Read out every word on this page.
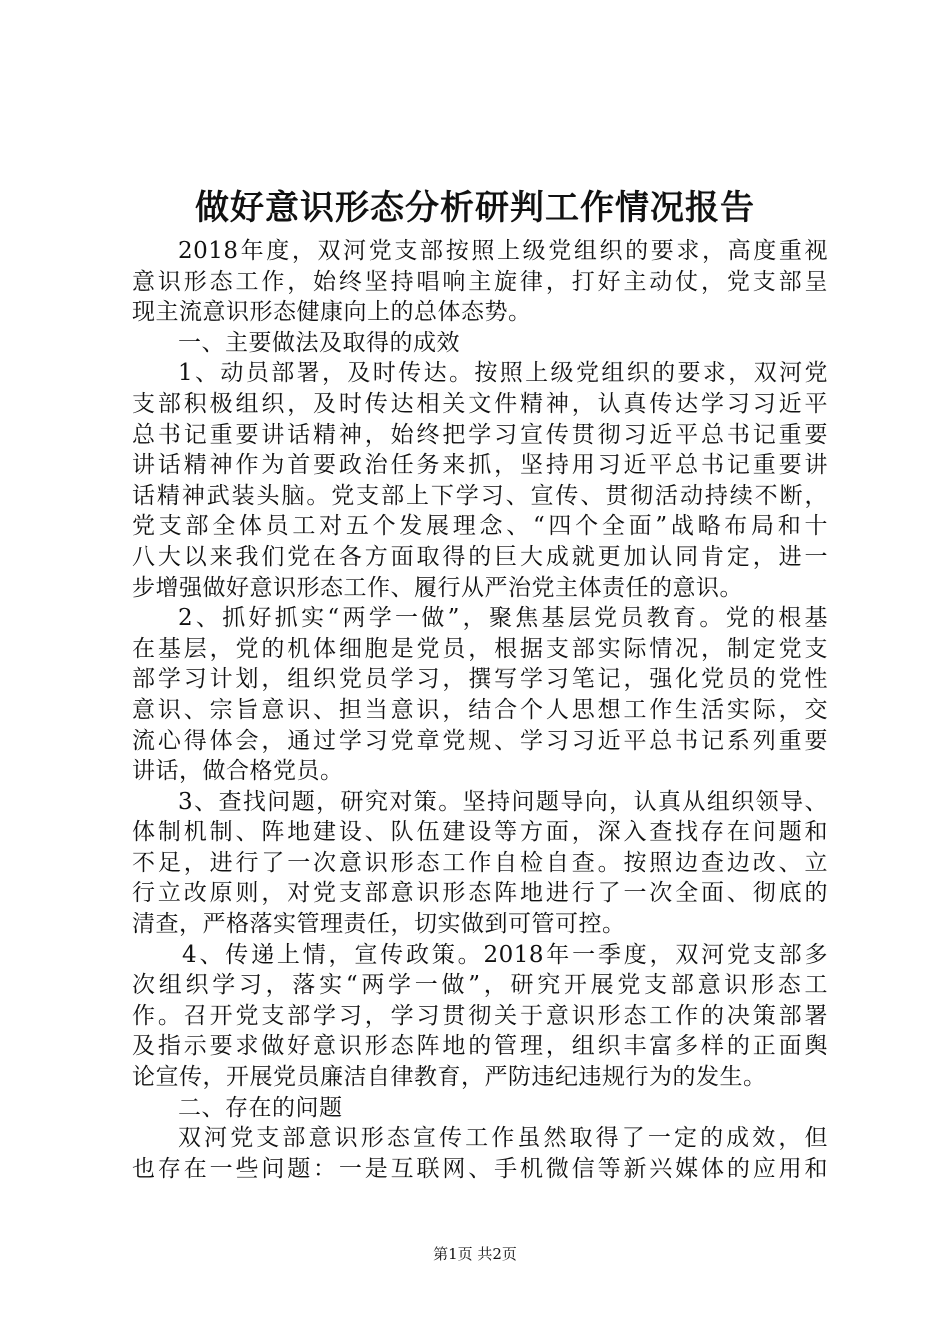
做好意识形态分析研判工作情况报告
2018年度，双河党支部按照上级党组织的要求，高度重视
意识形态工作，始终坚持唱响主旋律，打好主动仗，党支部呈
现主流意识形态健康向上的总体态势。
一、主要做法及取得的成效
1、动员部署，及时传达。按照上级党组织的要求，双河党
支部积极组织，及时传达相关文件精神，认真传达学习习近平
总书记重要讲话精神，始终把学习宣传贯彻习近平总书记重要
讲话精神作为首要政治任务来抓，坚持用习近平总书记重要讲
话精神武装头脑。党支部上下学习、宣传、贯彻活动持续不断，
党支部全体员工对五个发展理念、“四个全面”战略布局和十
八大以来我们党在各方面取得的巨大成就更加认同肯定，进一
步增强做好意识形态工作、履行从严治党主体责任的意识。
2、抓好抓实“两学一做”，聚焦基层党员教育。党的根基
在基层，党的机体细胞是党员，根据支部实际情况，制定党支
部学习计划，组织党员学习，撰写学习笔记，强化党员的党性
意识、宗旨意识、担当意识，结合个人思想工作生活实际，交
流心得体会，通过学习党章党规、学习习近平总书记系列重要
讲话，做合格党员。
3、查找问题，研究对策。坚持问题导向，认真从组织领导、
体制机制、阵地建设、队伍建设等方面，深入查找存在问题和
不足，进行了一次意识形态工作自检自查。按照边查边改、立
行立改原则，对党支部意识形态阵地进行了一次全面、彻底的
清查，严格落实管理责任，切实做到可管可控。
4、传递上情，宣传政策。2018年一季度，双河党支部多
次组织学习，落实“两学一做”，研究开展党支部意识形态工
作。召开党支部学习，学习贯彻关于意识形态工作的决策部署
及指示要求做好意识形态阵地的管理，组织丰富多样的正面舆
论宣传，开展党员廉洁自律教育，严防违纪违规行为的发生。
二、存在的问题
双河党支部意识形态宣传工作虽然取得了一定的成效，但
也存在一些问题：一是互联网、手机微信等新兴媒体的应用和
第1页 共2页
